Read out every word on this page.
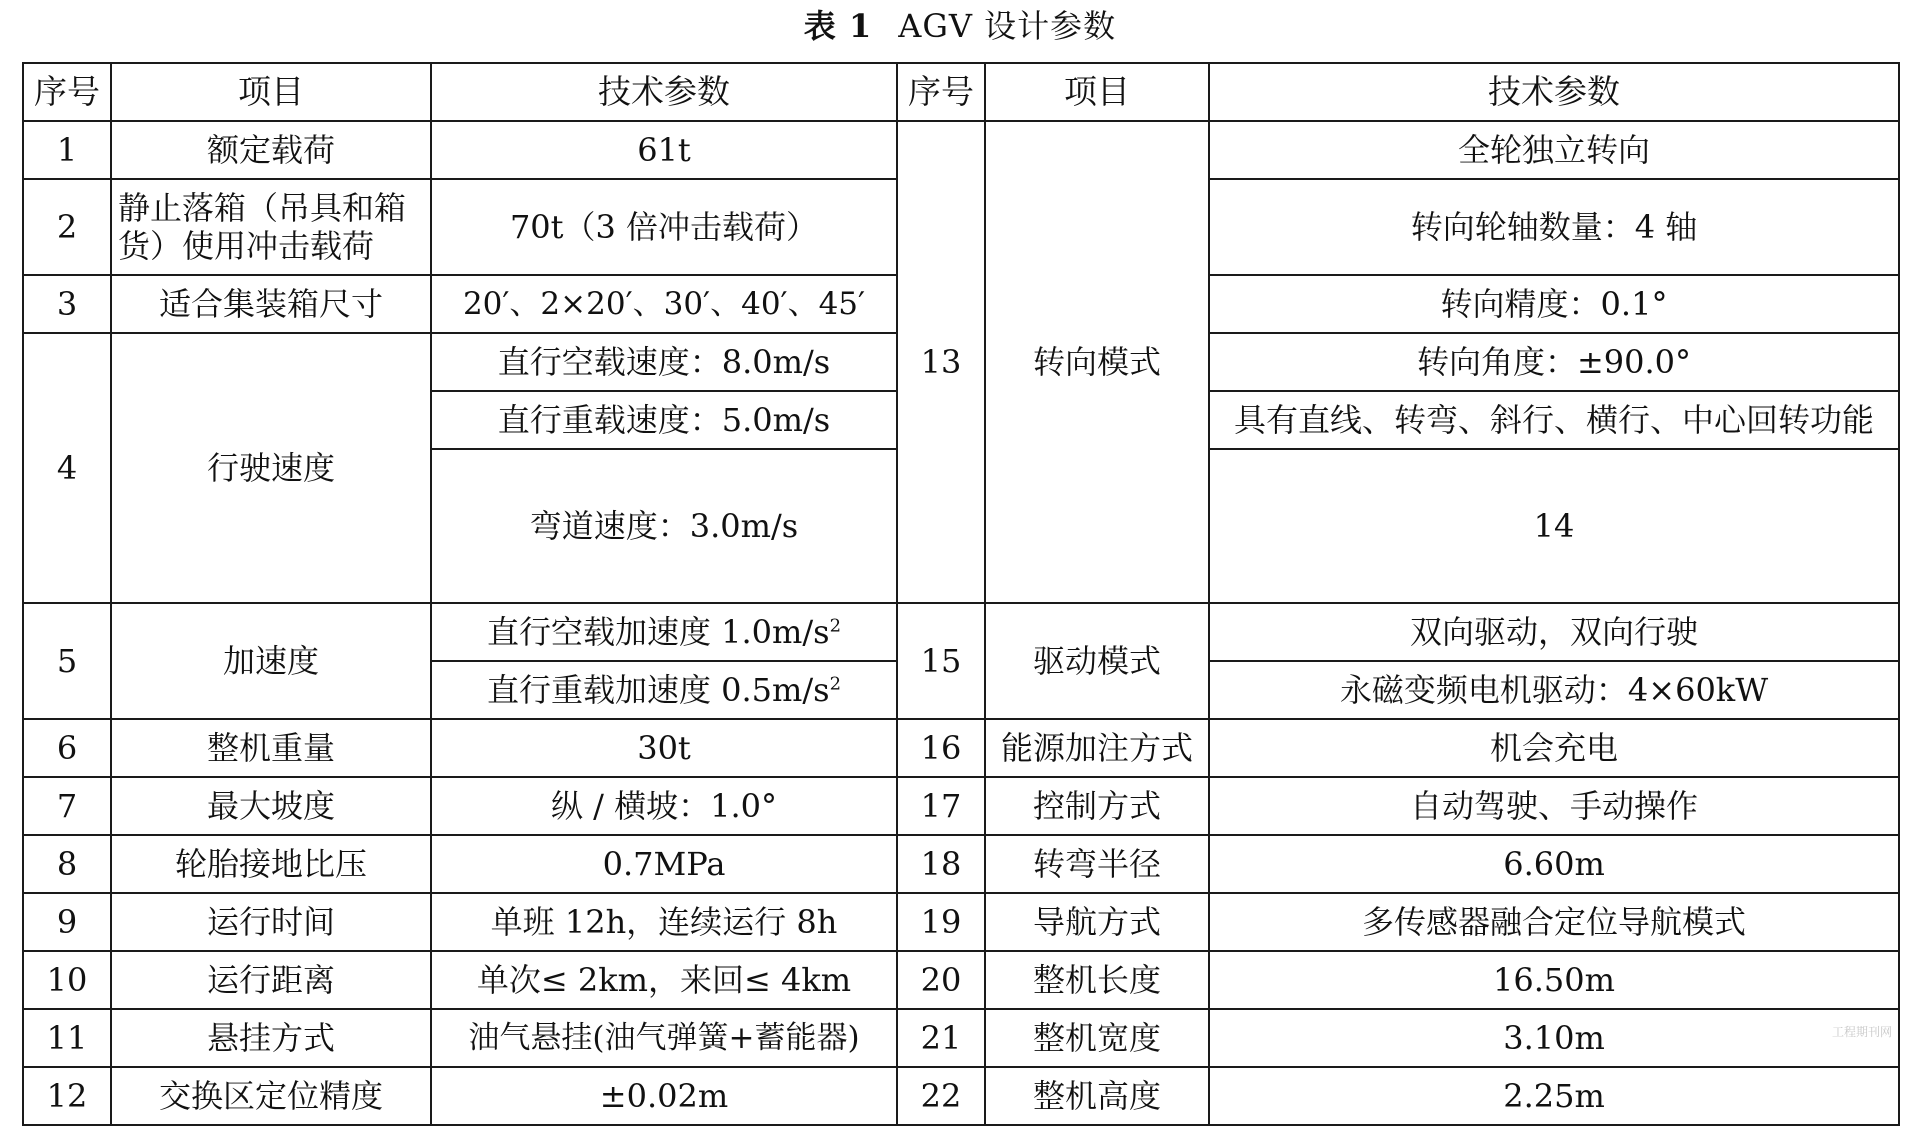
表 1 AGV 设计参数
序号	项目	技术参数	序号	项目	技术参数	
1	额定载荷	61t	13	转向模式	全轮独立转向	
2	静止落箱（吊具和箱
货）使用冲击载荷	70t（3 倍冲击载荷）			转向轮轴数量：4 轴	
3	适合集装箱尺寸	20′、2×20′、30′、40′、45′			转向精度：0.1°	
4	行驶速度	直行空载速度：8.0m/s			转向角度：±90.0°	
		直行重载速度：5.0m/s			具有直线、转弯、斜行、横行、中心回转功能	
		弯道速度：3.0m/s			14		
5	加速度	直行空载加速度 $1.0m/s^2$	15	驱动模式	双向驱动，双向行驶	
		直行重载加速度 $0.5m/s^2$			永磁变频电机驱动：4×60kW	
6	整机重量	30t	16	能源加注方式	机会充电	
7	最大坡度	纵 / 横坡：1.0°	17	控制方式	自动驾驶、手动操作	
8	轮胎接地比压	0.7MPa	18	转弯半径	6.60m	
9	运行时间	单班 12h，连续运行 8h	19	导航方式	多传感器融合定位导航模式	
10	运行距离	单次≤ 2km，来回≤ 4km	20	整机长度	16.50m	
11	悬挂方式	油气悬挂(油气弹簧+蓄能器)	21	整机宽度	3.10m	
12	交换区定位精度	±0.02m	22	整机高度	2.25m		工程期刊网
